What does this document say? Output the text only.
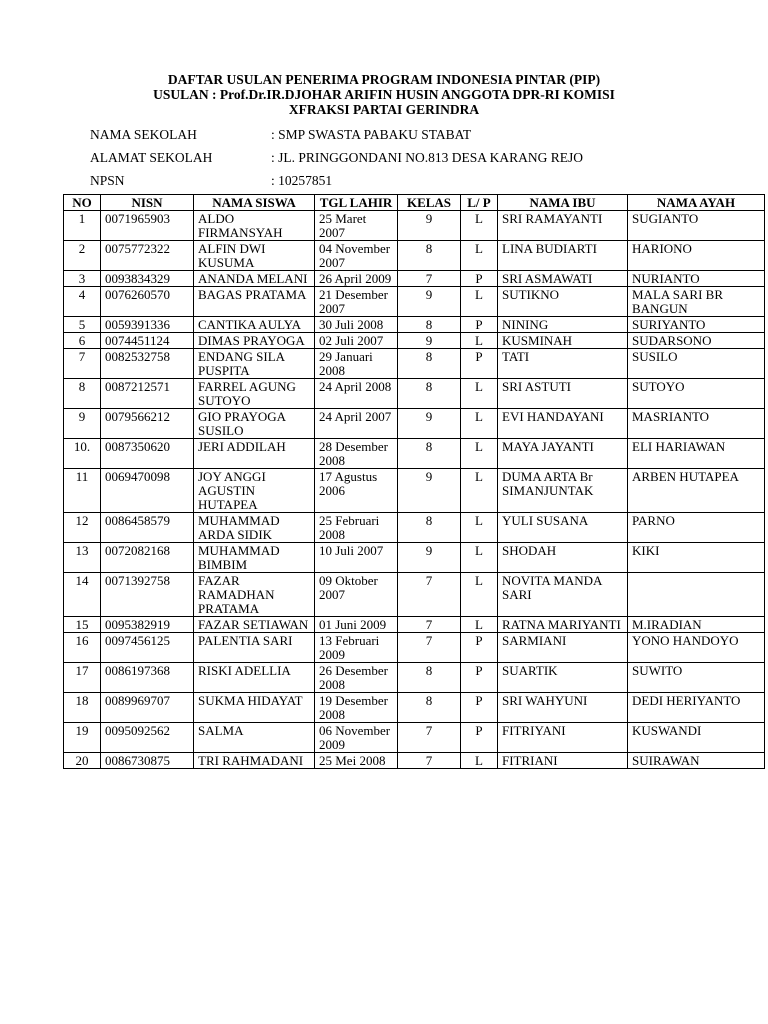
DAFTAR USULAN PENERIMA PROGRAM INDONESIA PINTAR (PIP)
USULAN : Prof.Dr.IR.DJOHAR ARIFIN HUSIN ANGGOTA DPR-RI KOMISI
XFRAKSI PARTAI GERINDRA
NAMA SEKOLAH	: SMP SWASTA PABAKU STABAT
ALAMAT SEKOLAH	: JL. PRINGGONDANI NO.813 DESA KARANG REJO
NPSN	: 10257851
NO	NISN	NAMA SISWA	TGL LAHIR	KELAS	L/ P	NAMA IBU	NAMA AYAH
1	0071965903	ALDO FIRMANSYAH	25 Maret 2007	9	L	SRI RAMAYANTI	SUGIANTO
2	0075772322	ALFIN DWI KUSUMA	04 November 2007	8	L	LINA BUDIARTI	HARIONO
3	0093834329	ANANDA MELANI	26 April 2009	7	P	SRI ASMAWATI	NURIANTO
4	0076260570	BAGAS PRATAMA	21 Desember 2007	9	L	SUTIKNO	MALA SARI BR BANGUN
5	0059391336	CANTIKA AULYA	30 Juli 2008	8	P	NINING	SURIYANTO
6	0074451124	DIMAS PRAYOGA	02 Juli 2007	9	L	KUSMINAH	SUDARSONO
7	0082532758	ENDANG SILA PUSPITA	29 Januari 2008	8	P	TATI	SUSILO
8	0087212571	FARREL AGUNG SUTOYO	24 April 2008	8	L	SRI ASTUTI	SUTOYO
9	0079566212	GIO PRAYOGA SUSILO	24 April 2007	9	L	EVI HANDAYANI	MASRIANTO
10.	0087350620	JERI ADDILAH	28 Desember 2008	8	L	MAYA JAYANTI	ELI HARIAWAN
11	0069470098	JOY ANGGI AGUSTIN HUTAPEA	17 Agustus 2006	9	L	DUMA ARTA Br SIMANJUNTAK	ARBEN HUTAPEA
12	0086458579	MUHAMMAD ARDA SIDIK	25 Februari 2008	8	L	YULI SUSANA	PARNO
13	0072082168	MUHAMMAD BIMBIM	10 Juli 2007	9	L	SHODAH	KIKI
14	0071392758	FAZAR RAMADHAN PRATAMA	09 Oktober 2007	7	L	NOVITA MANDA SARI	
15	0095382919	FAZAR SETIAWAN	01 Juni 2009	7	L	RATNA MARIYANTI	M.IRADIAN
16	0097456125	PALENTIA SARI	13 Februari 2009	7	P	SARMIANI	YONO HANDOYO
17	0086197368	RISKI ADELLIA	26 Desember 2008	8	P	SUARTIK	SUWITO
18	0089969707	SUKMA HIDAYAT	19 Desember 2008	8	P	SRI WAHYUNI	DEDI HERIYANTO
19	0095092562	SALMA	06 November 2009	7	P	FITRIYANI	KUSWANDI
20	0086730875	TRI RAHMADANI	25 Mei 2008	7	L	FITRIANI	SUIRAWAN
